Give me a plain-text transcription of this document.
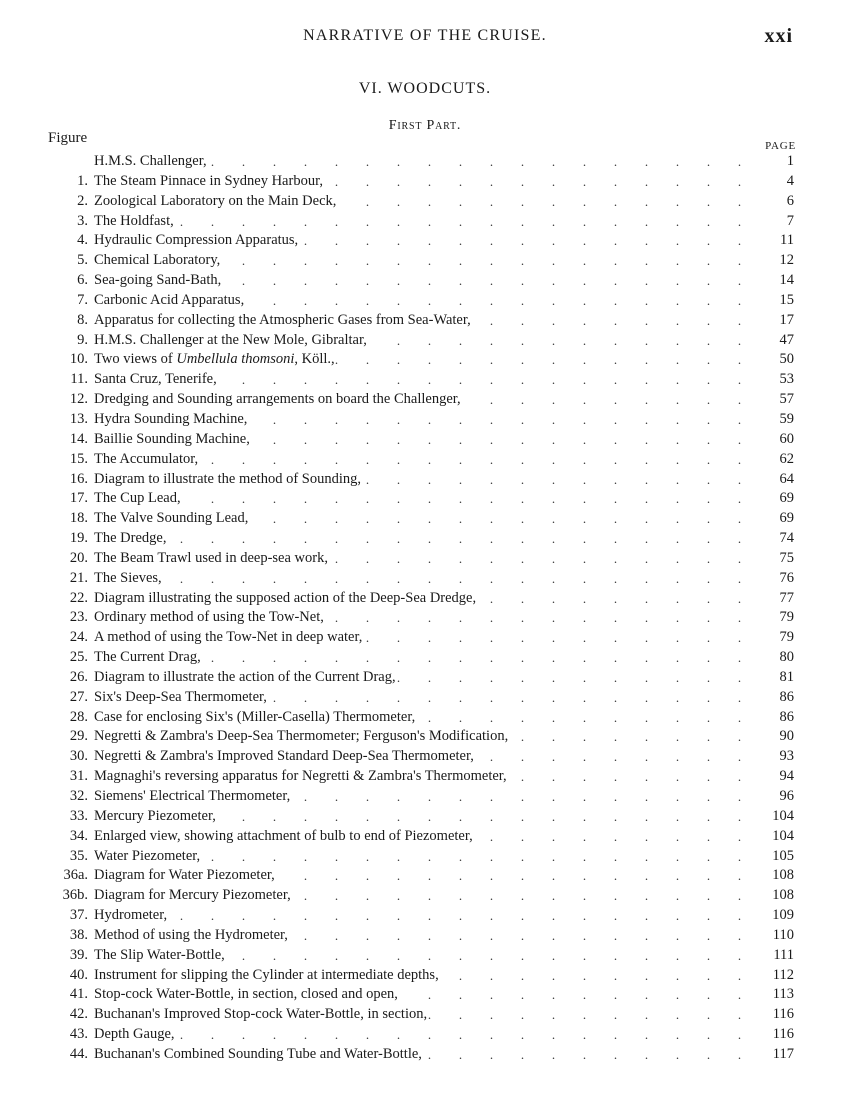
NARRATIVE OF THE CRUISE.	xxi
VI. WOODCUTS.
First Part.
Figure	PAGE
H.M.S. Challenger, .	.	.	.	.	.	.	.	.	.	.	.	.	.	.	.	.	.	1
1. The Steam Pinnace in Sydney Harbour, .	.	.	.	.	.	.	.	.	.	.	.	.	.	4
2. Zoological Laboratory on the Main Deck,	.	.	.	.	.	.	.	.	.	.	.	.	.	6
3. The Holdfast, .	.	.	.	.	.	.	.	.	.	.	.	.	.	.	.	.	.	.	7
4. Hydraulic Compression Apparatus, .	.	.	.	.	.	.	.	.	.	.	.	.	.	.	11
5. Chemical Laboratory,	.	.	.	.	.	.	.	.	.	.	.	.	.	.	.	.	.	12
6. Sea-going Sand-Bath,	.	.	.	.	.	.	.	.	.	.	.	.	.	.	.	.	.	14
7. Carbonic Acid Apparatus,	.	.	.	.	.	.	.	.	.	.	.	.	.	.	.	.	15
8. Apparatus for collecting the Atmospheric Gases from Sea-Water,	.	.	.	.	.	.	.	.	.	17
9. H.M.S. Challenger at the New Mole, Gibraltar,	.	.	.	.	.	.	.	.	.	.	.	.	47
10. Two views of Umbellula thomsoni, Köll., .	.	.	.	.	.	.	.	.	.	.	.	.	.	50
11. Santa Cruz, Tenerife,	.	.	.	.	.	.	.	.	.	.	.	.	.	.	.	.	.	53
12. Dredging and Sounding arrangements on board the Challenger,	.	.	.	.	.	.	.	.	.	57
13. Hydra Sounding Machine,	.	.	.	.	.	.	.	.	.	.	.	.	.	.	.	.	59
14. Baillie Sounding Machine,	.	.	.	.	.	.	.	.	.	.	.	.	.	.	.	.	60
15. The Accumulator, .	.	.	.	.	.	.	.	.	.	.	.	.	.	.	.	.	.	62
16. Diagram to illustrate the method of Sounding, .	.	.	.	.	.	.	.	.	.	.	.	.	64
17. The Cup Lead,	.	.	.	.	.	.	.	.	.	.	.	.	.	.	.	.	.	.	69
18. The Valve Sounding Lead,	.	.	.	.	.	.	.	.	.	.	.	.	.	.	.	.	69
19. The Dredge,	.	.	.	.	.	.	.	.	.	.	.	.	.	.	.	.	.	.	.	74
20. The Beam Trawl used in deep-sea work, .	.	.	.	.	.	.	.	.	.	.	.	.	.	75
21. The Sieves,	.	.	.	.	.	.	.	.	.	.	.	.	.	.	.	.	.	.	.	76
22. Diagram illustrating the supposed action of the Deep-Sea Dredge,	.	.	.	.	.	.	.	.	.	77
23. Ordinary method of using the Tow-Net, .	.	.	.	.	.	.	.	.	.	.	.	.	.	79
24. A method of using the Tow-Net in deep water, .	.	.	.	.	.	.	.	.	.	.	.	.	79
25. The Current Drag, .	.	.	.	.	.	.	.	.	.	.	.	.	.	.	.	.	.	80
26. Diagram to illustrate the action of the Current Drag, .	.	.	.	.	.	.	.	.	.	.	.	81
27. Six's Deep-Sea Thermometer, .	.	.	.	.	.	.	.	.	.	.	.	.	.	.	.	86
28. Case for enclosing Six's (Miller-Casella) Thermometer, .	.	.	.	.	.	.	.	.	.	.	86
29. Negretti & Zambra's Deep-Sea Thermometer; Ferguson's Modification, .	.	.	.	.	.	.	.	90
30. Negretti & Zambra's Improved Standard Deep-Sea Thermometer,	.	.	.	.	.	.	.	.	.	93
31. Magnaghi's reversing apparatus for Negretti & Zambra's Thermometer,	.	.	.	.	.	.	.	.	94
32. Siemens' Electrical Thermometer,	.	.	.	.	.	.	.	.	.	.	.	.	.	.	.	96
33. Mercury Piezometer,	.	.	.	.	.	.	.	.	.	.	.	.	.	.	.	.	.	104
34. Enlarged view, showing attachment of bulb to end of Piezometer,	.	.	.	.	.	.	.	.	.	104
35. Water Piezometer, .	.	.	.	.	.	.	.	.	.	.	.	.	.	.	.	.	.	105
36a. Diagram for Water Piezometer,	.	.	.	.	.	.	.	.	.	.	.	.	.	.	.	108
36b. Diagram for Mercury Piezometer,	.	.	.	.	.	.	.	.	.	.	.	.	.	.	.	108
37. Hydrometer, .	.	.	.	.	.	.	.	.	.	.	.	.	.	.	.	.	.	.	109
38. Method of using the Hydrometer,	.	.	.	.	.	.	.	.	.	.	.	.	.	.	.	110
39. The Slip Water-Bottle,	.	.	.	.	.	.	.	.	.	.	.	.	.	.	.	.	.	111
40. Instrument for slipping the Cylinder at intermediate depths,	.	.	.	.	.	.	.	.	.	.	112
41. Stop-cock Water-Bottle, in section, closed and open,	.	.	.	.	.	.	.	.	.	.	.	113
42. Buchanan's Improved Stop-cock Water-Bottle, in section, .	.	.	.	.	.	.	.	.	.	.	116
43. Depth Gauge, .	.	.	.	.	.	.	.	.	.	.	.	.	.	.	.	.	.	.	116
44. Buchanan's Combined Sounding Tube and Water-Bottle, .	.	.	.	.	.	.	.	.	.	.	117
